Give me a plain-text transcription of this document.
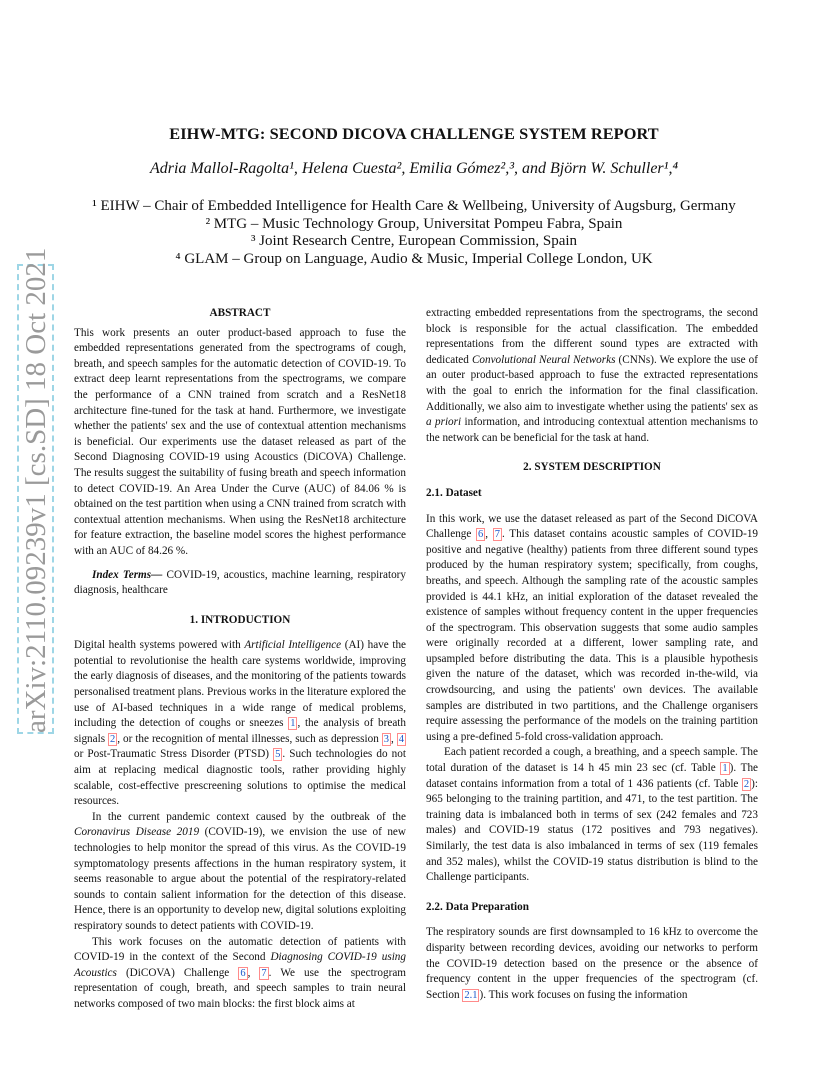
arXiv:2110.09239v1 [cs.SD] 18 Oct 2021
EIHW-MTG: SECOND DICOVA CHALLENGE SYSTEM REPORT
Adria Mallol-Ragolta¹, Helena Cuesta², Emilia Gómez²,³, and Björn W. Schuller¹,⁴
¹ EIHW – Chair of Embedded Intelligence for Health Care & Wellbeing, University of Augsburg, Germany
² MTG – Music Technology Group, Universitat Pompeu Fabra, Spain
³ Joint Research Centre, European Commission, Spain
⁴ GLAM – Group on Language, Audio & Music, Imperial College London, UK

ABSTRACT

This work presents an outer product-based approach to fuse the embedded representations generated from the spectrograms of cough, breath, and speech samples for the automatic detection of COVID-19. To extract deep learnt representations from the spectrograms, we compare the performance of a CNN trained from scratch and a ResNet18 architecture fine-tuned for the task at hand. Furthermore, we investigate whether the patients' sex and the use of contextual attention mechanisms is beneficial. Our experiments use the dataset released as part of the Second Diagnosing COVID-19 using Acoustics (DiCOVA) Challenge. The results suggest the suitability of fusing breath and speech information to detect COVID-19. An Area Under the Curve (AUC) of 84.06 % is obtained on the test partition when using a CNN trained from scratch with contextual attention mechanisms. When using the ResNet18 architecture for feature extraction, the baseline model scores the highest performance with an AUC of 84.26 %.

Index Terms— COVID-19, acoustics, machine learning, respiratory diagnosis, healthcare

1. INTRODUCTION

Digital health systems powered with Artificial Intelligence (AI) have the potential to revolutionise the health care systems worldwide, improving the early diagnosis of diseases, and the monitoring of the patients towards personalised treatment plans. Previous works in the literature explored the use of AI-based techniques in a wide range of medical problems, including the detection of coughs or sneezes 1 , the analysis of breath signals 2 , or the recognition of mental illnesses, such as depression 3 , 4 or Post-Traumatic Stress Disorder (PTSD) 5 . Such technologies do not aim at replacing medical diagnostic tools, rather providing highly scalable, cost-effective prescreening solutions to optimise the medical resources.

In the current pandemic context caused by the outbreak of the Coronavirus Disease 2019 (COVID-19), we envision the use of new technologies to help monitor the spread of this virus. As the COVID-19 symptomatology presents affections in the human respiratory system, it seems reasonable to argue about the potential of the respiratory-related sounds to contain salient information for the detection of this disease. Hence, there is an opportunity to develop new, digital solutions exploiting respiratory sounds to detect patients with COVID-19.

This work focuses on the automatic detection of patients with COVID-19 in the context of the Second Diagnosing COVID-19 using Acoustics (DiCOVA) Challenge 6 , 7 . We use the spectrogram representation of cough, breath, and speech samples to train neural networks composed of two main blocks: the first block aims at

extracting embedded representations from the spectrograms, the second block is responsible for the actual classification. The embedded representations from the different sound types are extracted with dedicated Convolutional Neural Networks (CNNs). We explore the use of an outer product-based approach to fuse the extracted representations with the goal to enrich the information for the final classification. Additionally, we also aim to investigate whether using the patients' sex as a priori information, and introducing contextual attention mechanisms to the network can be beneficial for the task at hand.

2. SYSTEM DESCRIPTION

2.1. Dataset

In this work, we use the dataset released as part of the Second DiCOVA Challenge 6 , 7 . This dataset contains acoustic samples of COVID-19 positive and negative (healthy) patients from three different sound types produced by the human respiratory system; specifically, from coughs, breaths, and speech. Although the sampling rate of the acoustic samples provided is 44.1 kHz, an initial exploration of the dataset revealed the existence of samples without frequency content in the upper frequencies of the spectrogram. This observation suggests that some audio samples were originally recorded at a different, lower sampling rate, and upsampled before distributing the data. This is a plausible hypothesis given the nature of the dataset, which was recorded in-the-wild, via crowdsourcing, and using the patients' own devices. The available samples are distributed in two partitions, and the Challenge organisers require assessing the performance of the models on the training partition using a pre-defined 5-fold cross-validation approach.

Each patient recorded a cough, a breathing, and a speech sample. The total duration of the dataset is 14 h 45 min 23 sec (cf. Table 1 ). The dataset contains information from a total of 1 436 patients (cf. Table 2 ): 965 belonging to the training partition, and 471, to the test partition. The training data is imbalanced both in terms of sex (242 females and 723 males) and COVID-19 status (172 positives and 793 negatives). Similarly, the test data is also imbalanced in terms of sex (119 females and 352 males), whilst the COVID-19 status distribution is blind to the Challenge participants.

2.2. Data Preparation

The respiratory sounds are first downsampled to 16 kHz to overcome the disparity between recording devices, avoiding our networks to perform the COVID-19 detection based on the presence or the absence of frequency content in the upper frequencies of the spectrogram (cf. Section 2.1 ). This work focuses on fusing the information
